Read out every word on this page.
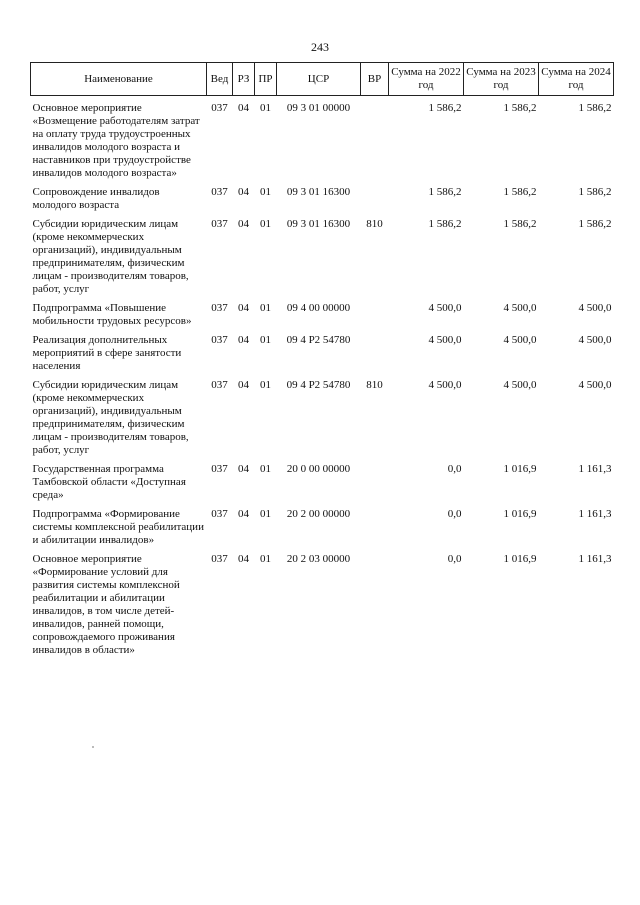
243
Наименование	Вед	РЗ	ПР	ЦСР	ВР	Сумма на 2022 год	Сумма на 2023 год	Сумма на 2024 год

Основное мероприятие «Возмещение работодателям затрат на оплату труда трудоустроенных инвалидов молодого возраста и наставников при трудоустройстве инвалидов молодого возраста»	037	04	01	09 3 01 00000		1 586,2	1 586,2	1 586,2
Сопровождение инвалидов молодого возраста	037	04	01	09 3 01 16300		1 586,2	1 586,2	1 586,2
Субсидии юридическим лицам (кроме некоммерческих организаций), индивидуальным предпринимателям, физическим лицам - производителям товаров, работ, услуг	037	04	01	09 3 01 16300	810	1 586,2	1 586,2	1 586,2
Подпрограмма «Повышение мобильности трудовых ресурсов»	037	04	01	09 4 00 00000		4 500,0	4 500,0	4 500,0
Реализация дополнительных мероприятий в сфере занятости населения	037	04	01	09 4 P2 54780		4 500,0	4 500,0	4 500,0
Субсидии юридическим лицам (кроме некоммерческих организаций), индивидуальным предпринимателям, физическим лицам - производителям товаров, работ, услуг	037	04	01	09 4 P2 54780	810	4 500,0	4 500,0	4 500,0
Государственная программа Тамбовской области «Доступная среда»	037	04	01	20 0 00 00000		0,0	1 016,9	1 161,3
Подпрограмма «Формирование системы комплексной реабилитации и абилитации инвалидов»	037	04	01	20 2 00 00000		0,0	1 016,9	1 161,3
Основное мероприятие «Формирование условий для развития системы комплексной реабилитации и абилитации инвалидов, в том числе детей-инвалидов, ранней помощи, сопровождаемого проживания инвалидов в области»	037	04	01	20 2 03 00000		0,0	1 016,9	1 161,3
